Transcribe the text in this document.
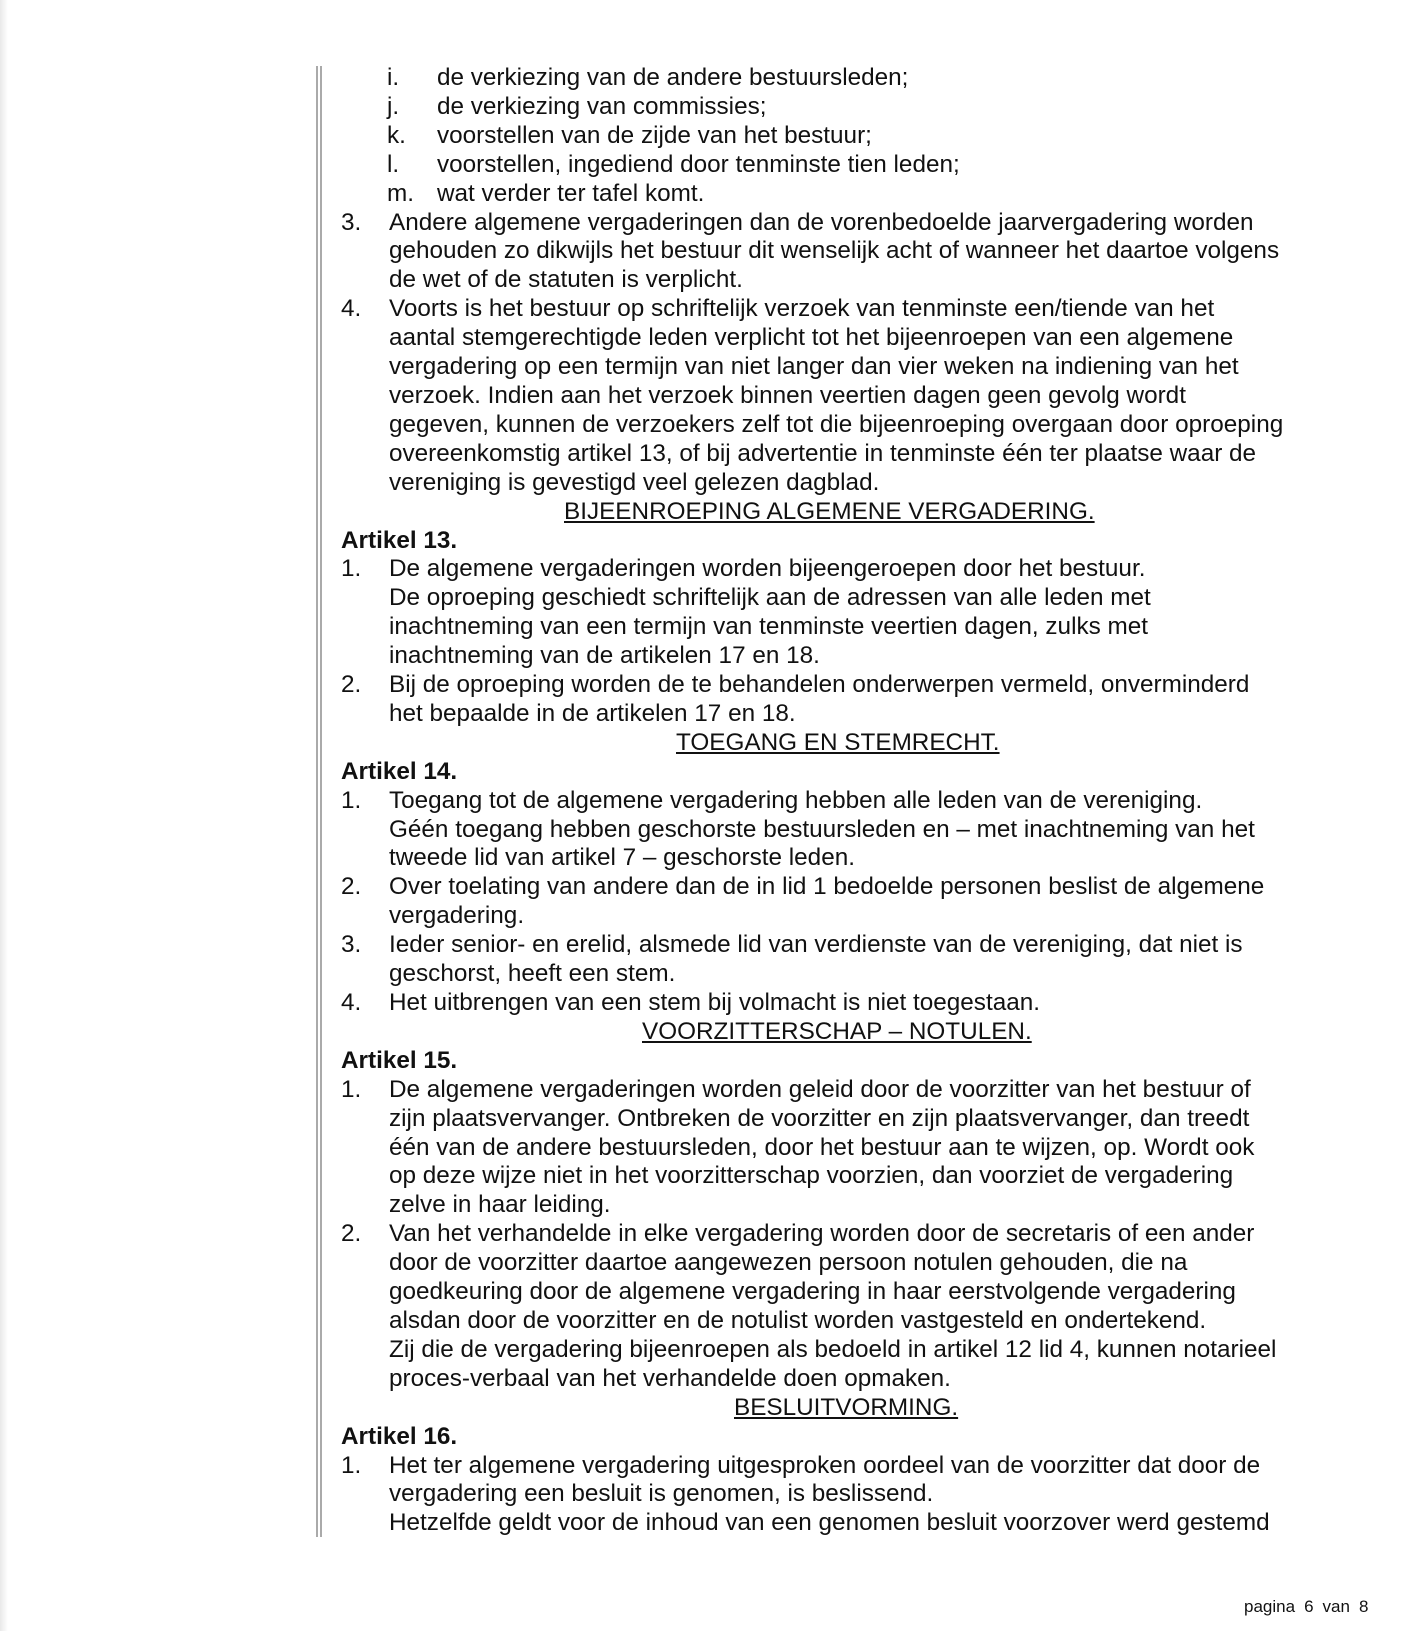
i.	de verkiezing van de andere bestuursleden;
j.	de verkiezing van commissies;
k.	voorstellen van de zijde van het bestuur;
l.	voorstellen, ingediend door tenminste tien leden;
m. wat verder ter tafel komt.
3.	Andere algemene vergaderingen dan de vorenbedoelde jaarvergadering worden
gehouden zo dikwijls het bestuur dit wenselijk acht of wanneer het daartoe volgens
de wet of de statuten is verplicht.
4.	Voorts is het bestuur op schriftelijk verzoek van tenminste een/tiende van het
aantal stemgerechtigde leden verplicht tot het bijeenroepen van een algemene
vergadering op een termijn van niet langer dan vier weken na indiening van het
verzoek. Indien aan het verzoek binnen veertien dagen geen gevolg wordt
gegeven, kunnen de verzoekers zelf tot die bijeenroeping overgaan door oproeping
overeenkomstig artikel 13, of bij advertentie in tenminste één ter plaatse waar de
vereniging is gevestigd veel gelezen dagblad.
BIJEENROEPING ALGEMENE VERGADERING.
Artikel 13.
1.	De algemene vergaderingen worden bijeengeroepen door het bestuur.
De oproeping geschiedt schriftelijk aan de adressen van alle leden met
inachtneming van een termijn van tenminste veertien dagen, zulks met
inachtneming van de artikelen 17 en 18.
2.	Bij de oproeping worden de te behandelen onderwerpen vermeld, onverminderd
het bepaalde in de artikelen 17 en 18.
TOEGANG EN STEMRECHT.
Artikel 14.
1.	Toegang tot de algemene vergadering hebben alle leden van de vereniging.
Géén toegang hebben geschorste bestuursleden en – met inachtneming van het
tweede lid van artikel 7 – geschorste leden.
2.	Over toelating van andere dan de in lid 1 bedoelde personen beslist de algemene
vergadering.
3.	Ieder senior- en erelid, alsmede lid van verdienste van de vereniging, dat niet is
geschorst, heeft een stem.
4.	Het uitbrengen van een stem bij volmacht is niet toegestaan.
VOORZITTERSCHAP – NOTULEN.
Artikel 15.
1.	De algemene vergaderingen worden geleid door de voorzitter van het bestuur of
zijn plaatsvervanger. Ontbreken de voorzitter en zijn plaatsvervanger, dan treedt
één van de andere bestuursleden, door het bestuur aan te wijzen, op. Wordt ook
op deze wijze niet in het voorzitterschap voorzien, dan voorziet de vergadering
zelve in haar leiding.
2.	Van het verhandelde in elke vergadering worden door de secretaris of een ander
door de voorzitter daartoe aangewezen persoon notulen gehouden, die na
goedkeuring door de algemene vergadering in haar eerstvolgende vergadering
alsdan door de voorzitter en de notulist worden vastgesteld en ondertekend.
Zij die de vergadering bijeenroepen als bedoeld in artikel 12 lid 4, kunnen notarieel
proces-verbaal van het verhandelde doen opmaken.
BESLUITVORMING.
Artikel 16.
1.	Het ter algemene vergadering uitgesproken oordeel van de voorzitter dat door de
vergadering een besluit is genomen, is beslissend.
Hetzelfde geldt voor de inhoud van een genomen besluit voorzover werd gestemd
pagina 6 van 8
